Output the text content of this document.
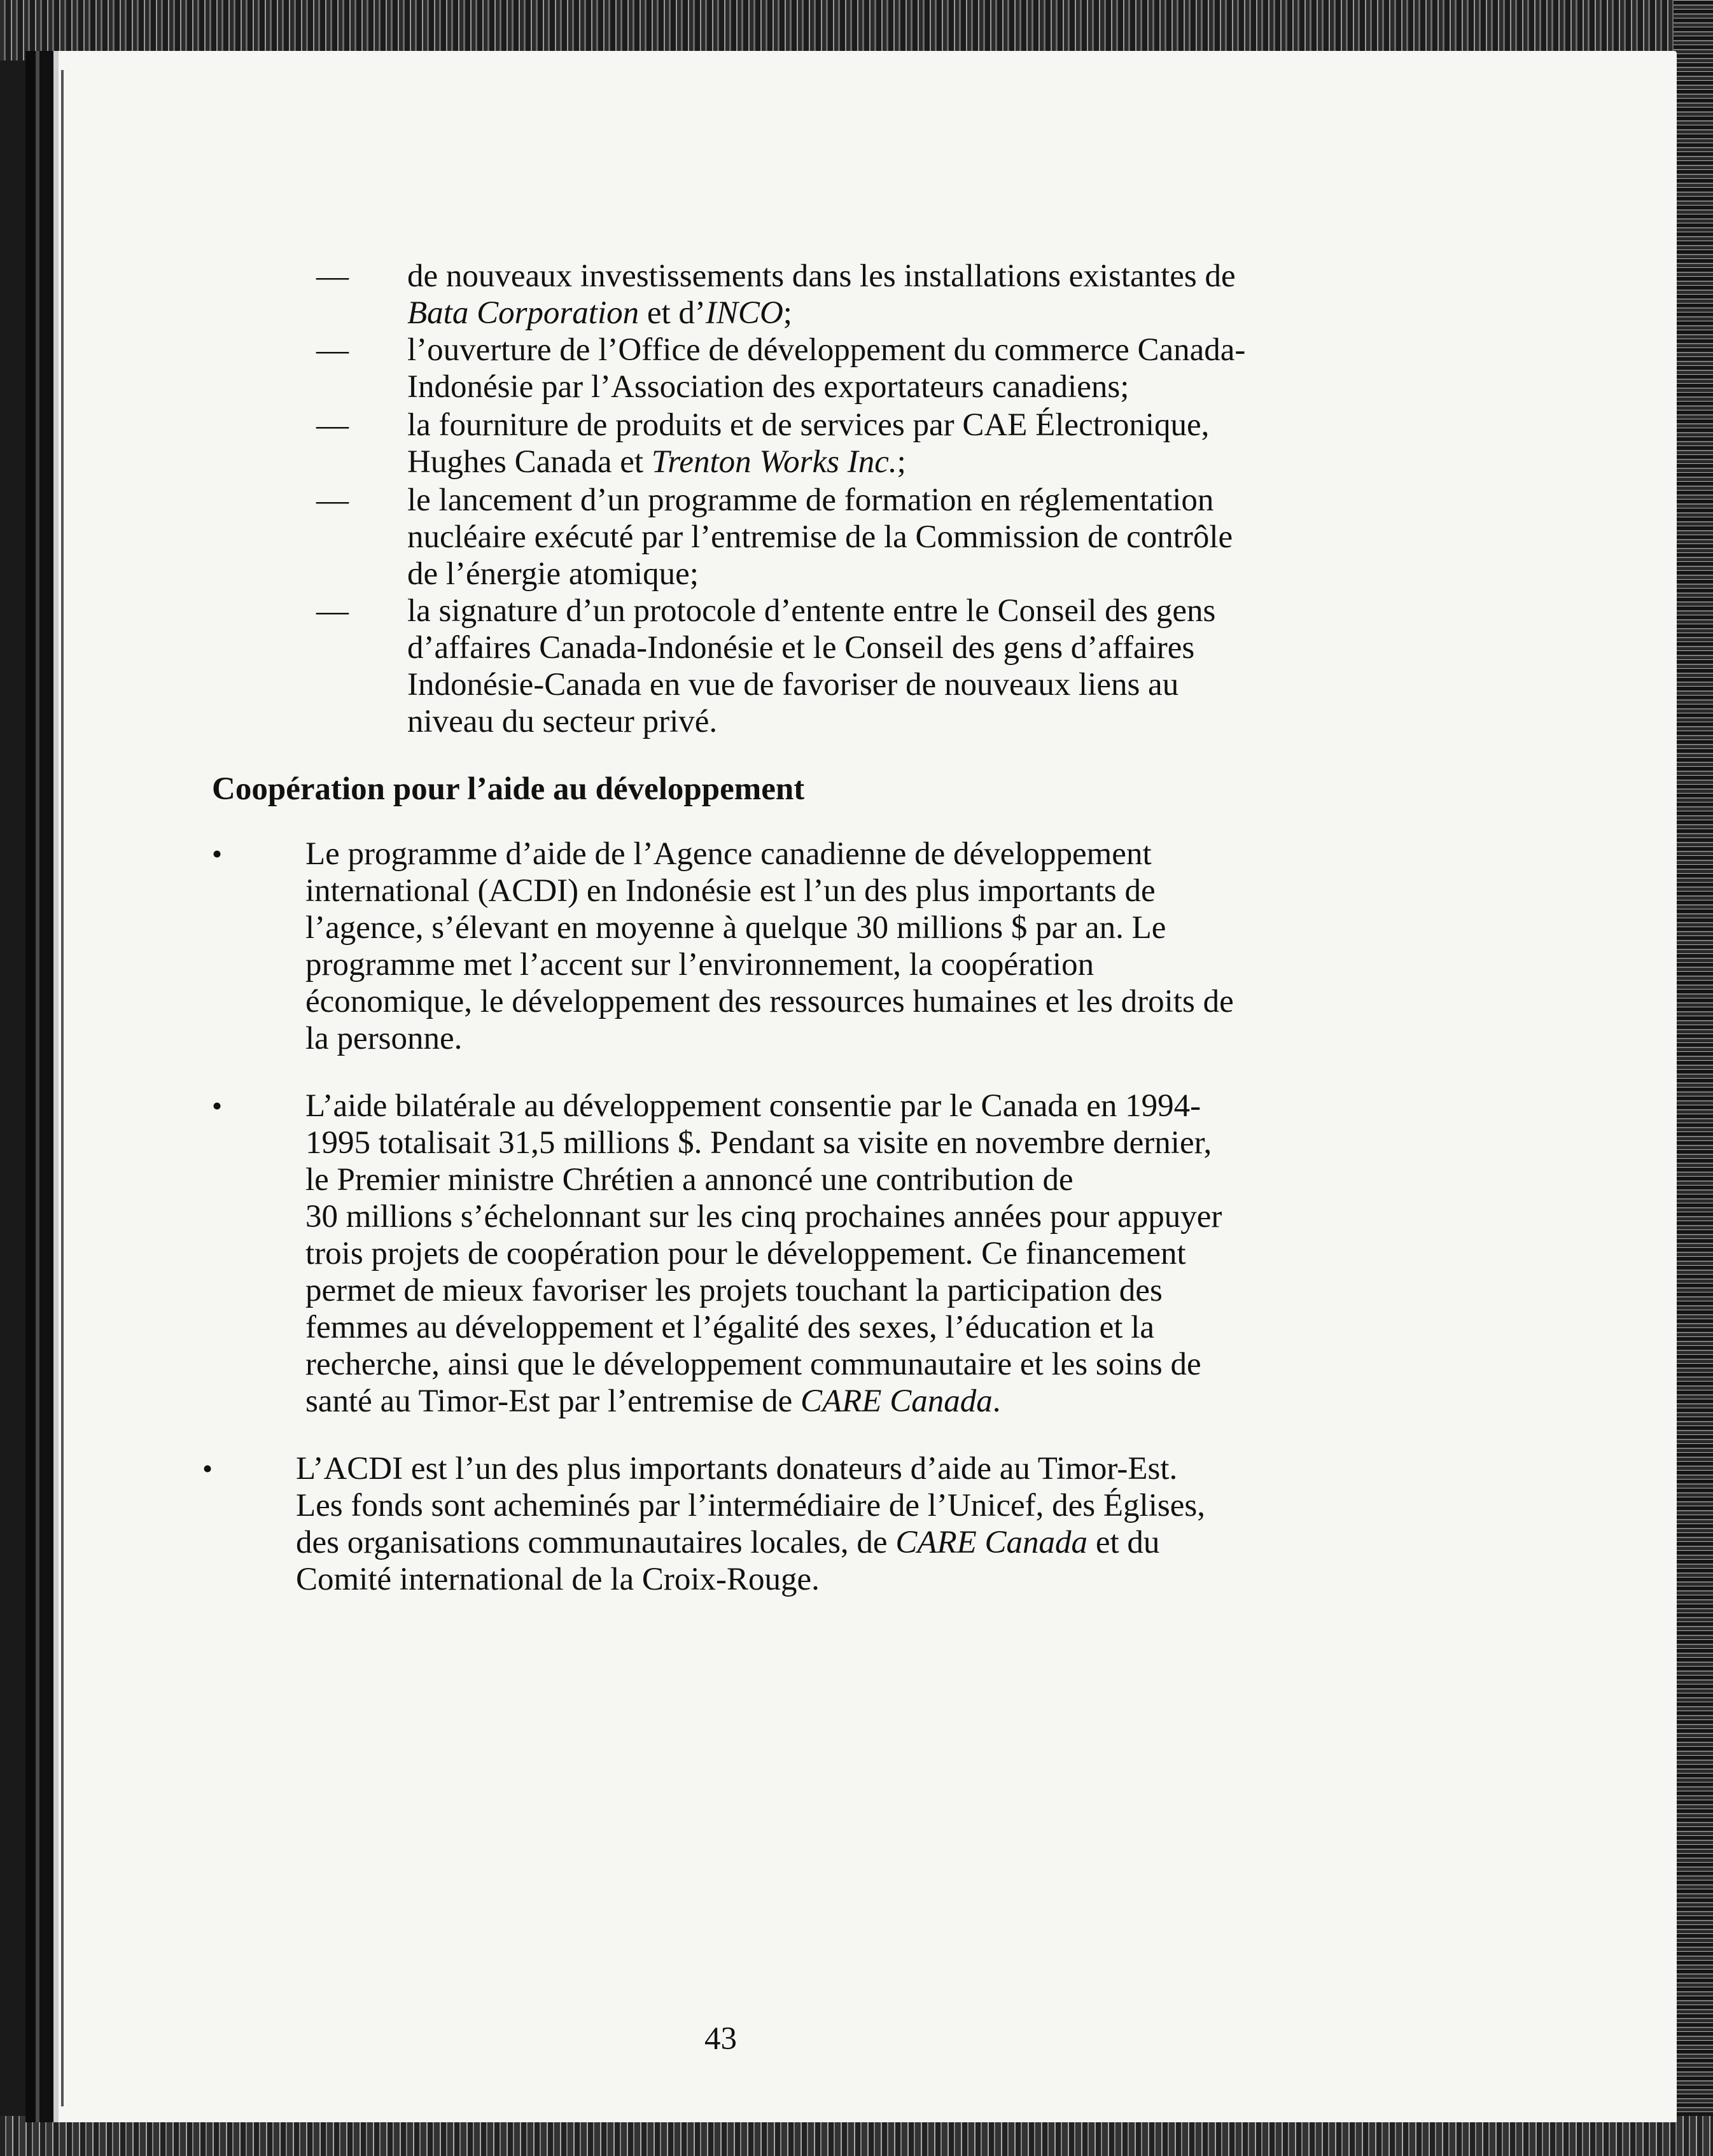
— de nouveaux investissements dans les installations existantes de
Bata Corporation et d’INCO;
— l’ouverture de l’Office de développement du commerce Canada-
Indonésie par l’Association des exportateurs canadiens;
— la fourniture de produits et de services par CAE Électronique,
Hughes Canada et Trenton Works Inc.;
— le lancement d’un programme de formation en réglementation
nucléaire exécuté par l’entremise de la Commission de contrôle
de l’énergie atomique;
— la signature d’un protocole d’entente entre le Conseil des gens
d’affaires Canada-Indonésie et le Conseil des gens d’affaires
Indonésie-Canada en vue de favoriser de nouveaux liens au
niveau du secteur privé.
•	Le programme d’aide de l’Agence canadienne de développement
international (ACDI) en Indonésie est l’un des plus importants de
l’agence, s’élevant en moyenne à quelque 30 millions $ par an. Le
programme met l’accent sur l’environnement, la coopération
économique, le développement des ressources humaines et les droits de
la personne.
•	L’aide bilatérale au développement consentie par le Canada en 1994-
1995 totalisait 31,5 millions $. Pendant sa visite en novembre dernier,
le Premier ministre Chrétien a annoncé une contribution de
30 millions s’échelonnant sur les cinq prochaines années pour appuyer
trois projets de coopération pour le développement. Ce financement
permet de mieux favoriser les projets touchant la participation des
femmes au développement et l’égalité des sexes, l’éducation et la
recherche, ainsi que le développement communautaire et les soins de
santé au Timor-Est par l’entremise de CARE Canada.
•	L’ACDI est l’un des plus importants donateurs d’aide au Timor-Est.
Les fonds sont acheminés par l’intermédiaire de l’Unicef, des Églises,
des organisations communautaires locales, de CARE Canada et du
Comité international de la Croix-Rouge.
Coopération pour l’aide au développement
43
